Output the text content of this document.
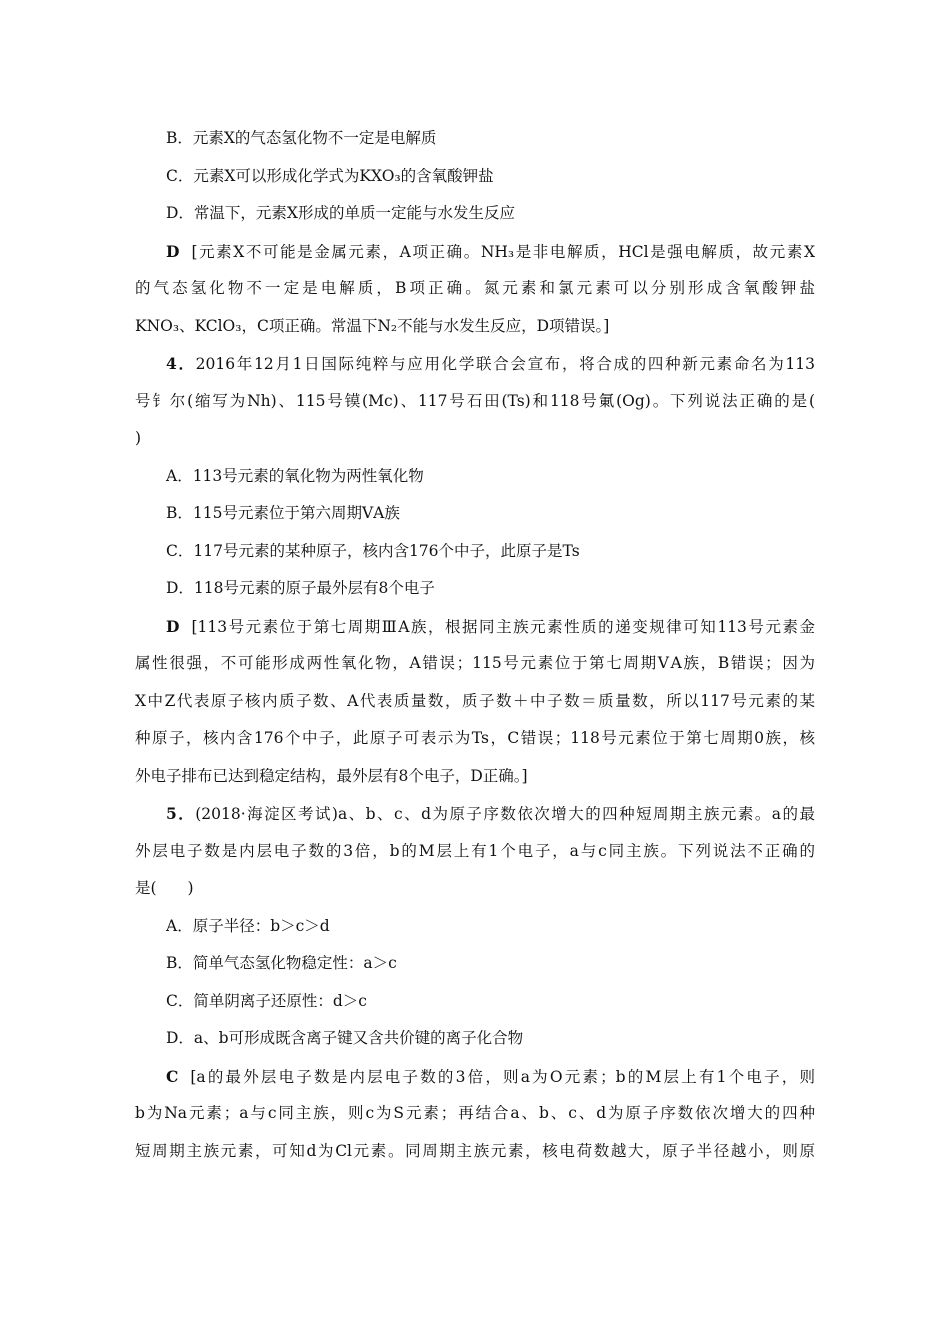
B．元素X的气态氢化物不一定是电解质
C．元素X可以形成化学式为KXO₃的含氧酸钾盐
D．常温下，元素X形成的单质一定能与水发生反应
D [元素X不可能是金属元素，A项正确。NH₃是非电解质，HCl是强电解质，故元素X
的气态氢化物不一定是电解质，B项正确。氮元素和氯元素可以分别形成含氧酸钾盐
KNO₃、KClO₃，C项正确。常温下N₂不能与水发生反应，D项错误。]
4．2016年12月1日国际纯粹与应用化学联合会宣布，将合成的四种新元素命名为113
号钅尔(缩写为Nh)、115号镆(Mc)、117号石田(Ts)和118号氭(Og)。下列说法正确的是(
)
A．113号元素的氧化物为两性氧化物
B．115号元素位于第六周期ⅤA族
C．117号元素的某种原子，核内含176个中子，此原子是Ts
D．118号元素的原子最外层有8个电子
D [113号元素位于第七周期ⅢA族，根据同主族元素性质的递变规律可知113号元素金
属性很强，不可能形成两性氧化物，A错误；115号元素位于第七周期ⅤA族，B错误；因为
X中Z代表原子核内质子数、A代表质量数，质子数＋中子数＝质量数，所以117号元素的某
种原子，核内含176个中子，此原子可表示为Ts，C错误；118号元素位于第七周期0族，核
外电子排布已达到稳定结构，最外层有8个电子，D正确。]
5．(2018·海淀区考试)a、b、c、d为原子序数依次增大的四种短周期主族元素。a的最
外层电子数是内层电子数的3倍，b的M层上有1个电子，a与c同主族。下列说法不正确的
是(　　)
A．原子半径：b＞c＞d
B．简单气态氢化物稳定性：a＞c
C．简单阴离子还原性：d＞c
D．a、b可形成既含离子键又含共价键的离子化合物
C [a的最外层电子数是内层电子数的3倍，则a为O元素；b的M层上有1个电子，则
b为Na元素；a与c同主族，则c为S元素；再结合a、b、c、d为原子序数依次增大的四种
短周期主族元素，可知d为Cl元素。同周期主族元素，核电荷数越大，原子半径越小，则原
